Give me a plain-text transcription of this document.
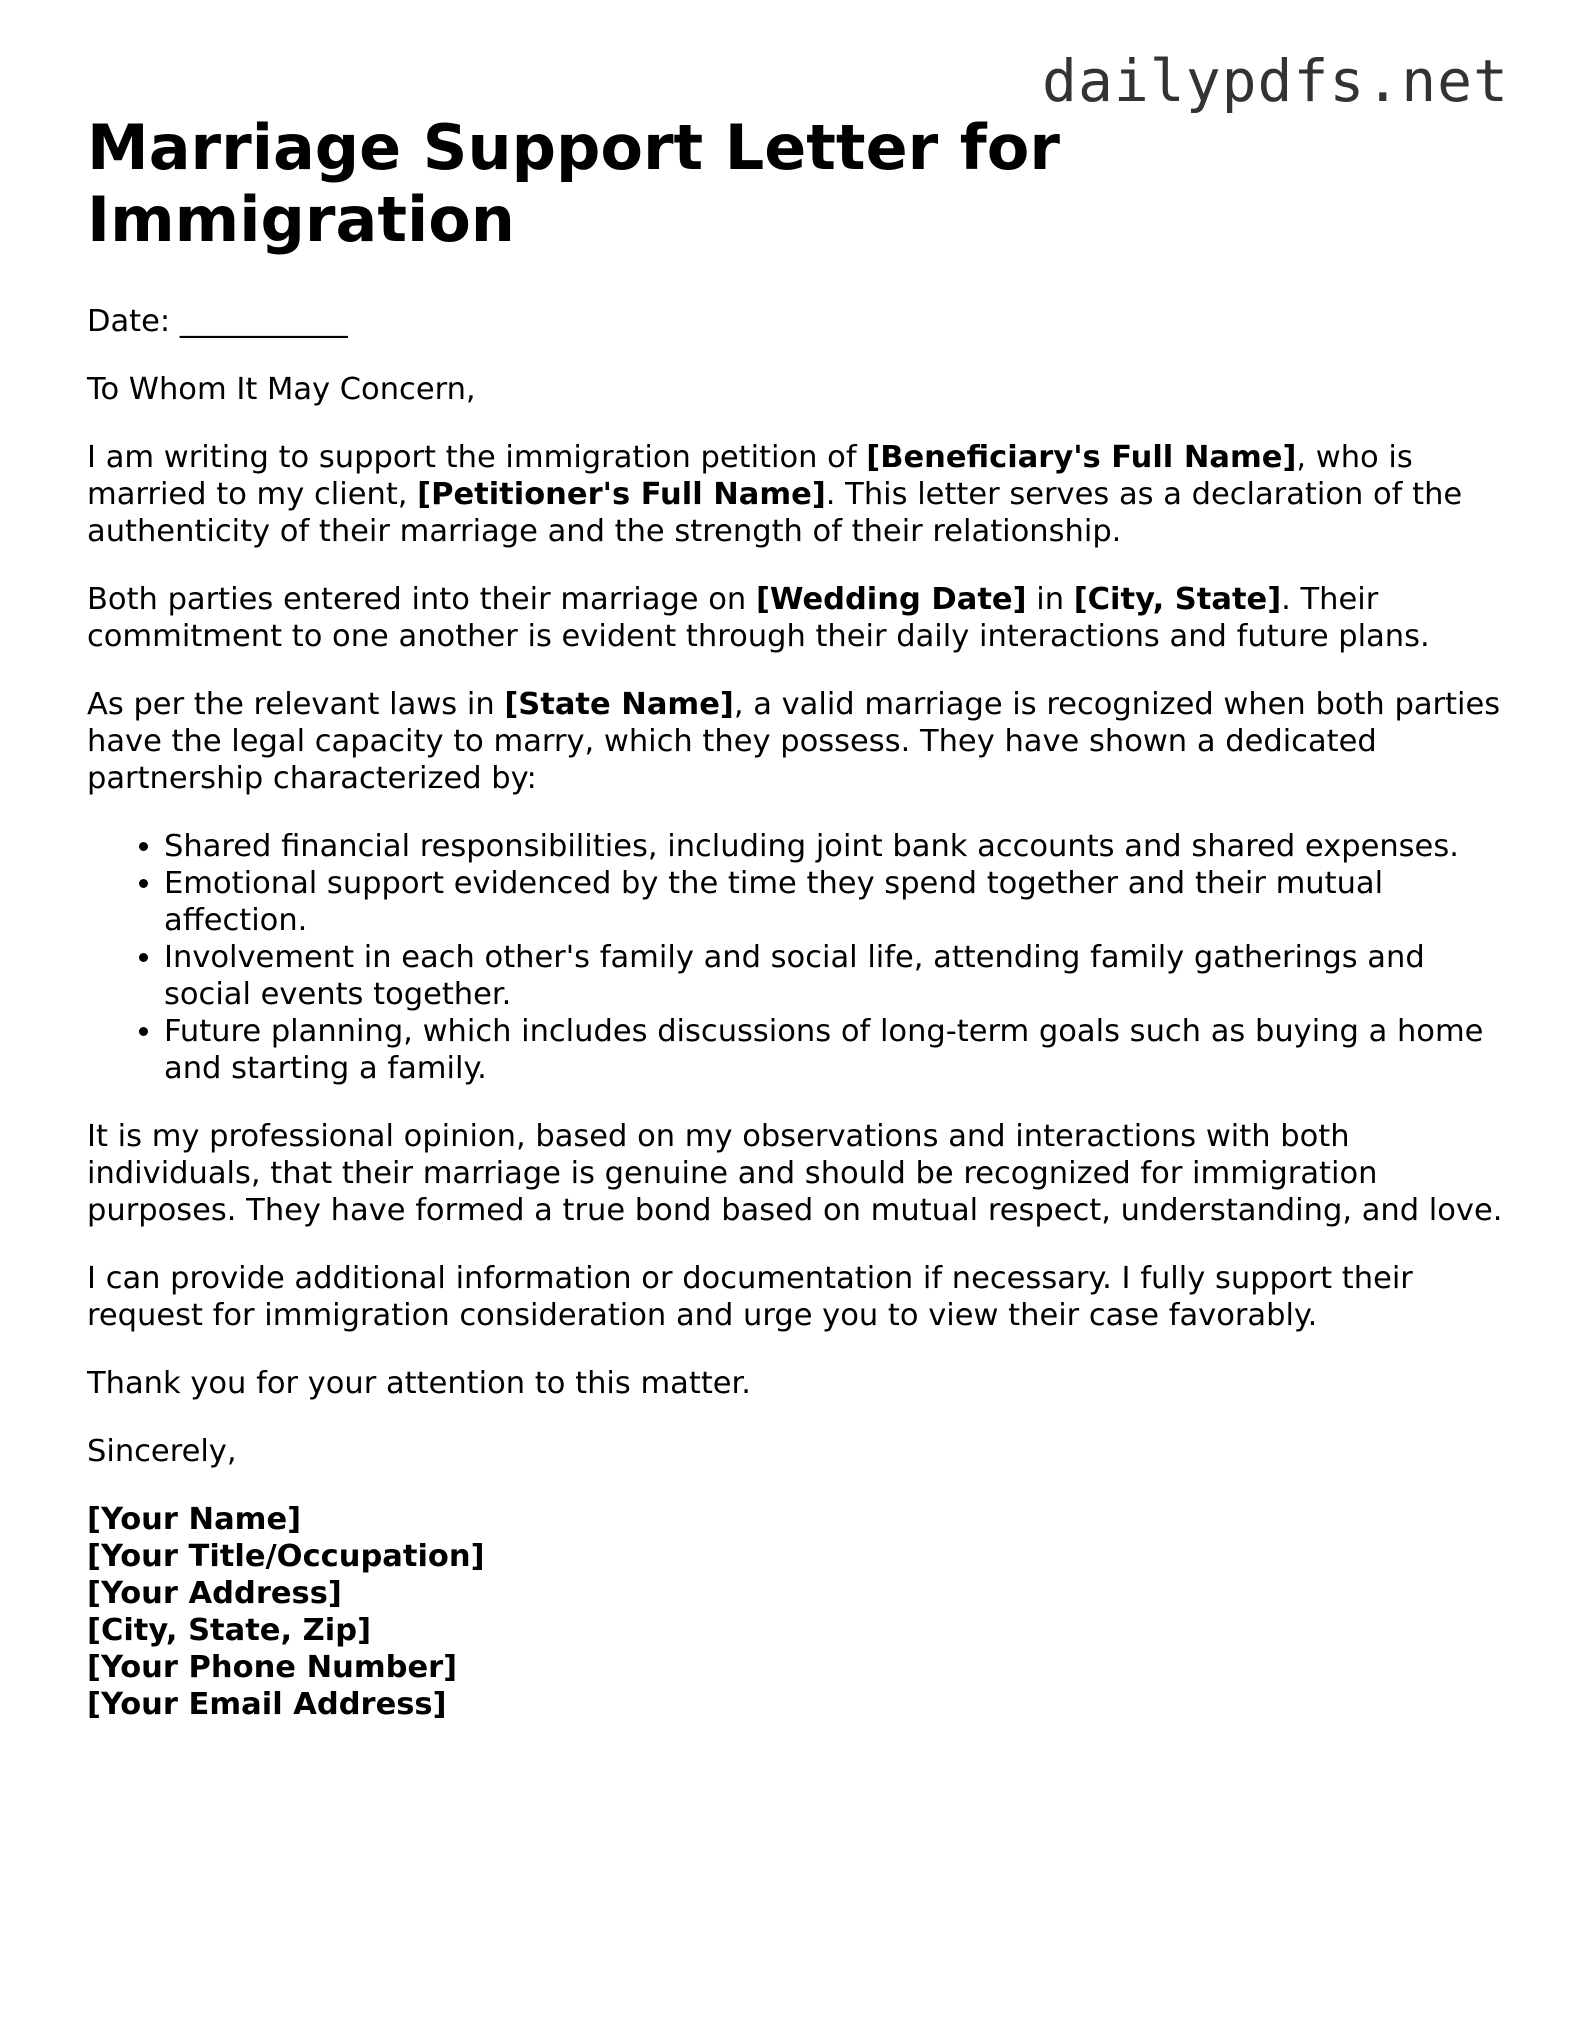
dailypdfs.net
Marriage Support Letter for Immigration

Date: ___________

To Whom It May Concern,

I am writing to support the immigration petition of [Beneficiary's Full Name], who is married to my client, [Petitioner's Full Name]. This letter serves as a declaration of the authenticity of their marriage and the strength of their relationship.

Both parties entered into their marriage on [Wedding Date] in [City, State]. Their commitment to one another is evident through their daily interactions and future plans.

As per the relevant laws in [State Name], a valid marriage is recognized when both parties have the legal capacity to marry, which they possess. They have shown a dedicated partnership characterized by:

• Shared financial responsibilities, including joint bank accounts and shared expenses.
• Emotional support evidenced by the time they spend together and their mutual affection.
• Involvement in each other's family and social life, attending family gatherings and social events together.
• Future planning, which includes discussions of long-term goals such as buying a home and starting a family.

It is my professional opinion, based on my observations and interactions with both individuals, that their marriage is genuine and should be recognized for immigration purposes. They have formed a true bond based on mutual respect, understanding, and love.

I can provide additional information or documentation if necessary. I fully support their request for immigration consideration and urge you to view their case favorably.

Thank you for your attention to this matter.

Sincerely,

[Your Name]
[Your Title/Occupation]
[Your Address]
[City, State, Zip]
[Your Phone Number]
[Your Email Address]
